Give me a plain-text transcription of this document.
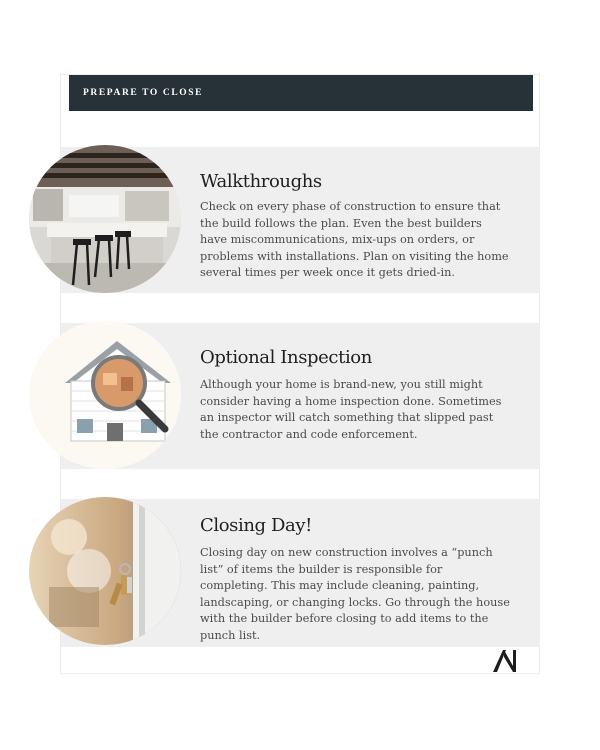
PREPARE TO CLOSE
Walkthroughs

Check on every phase of construction to ensure that the build follows the plan. Even the best builders have miscommunications, mix-ups on orders, or problems with installations. Plan on visiting the home several times per week once it gets dried-in.

Optional Inspection

Although your home is brand-new, you still might consider having a home inspection done. Sometimes an inspector will catch something that slipped past the contractor and code enforcement.

Closing Day!

Closing day on new construction involves a “punch list” of items the builder is responsible for completing. This may include cleaning, painting, landscaping, or changing locks. Go through the house with the builder before closing to add items to the punch list.
